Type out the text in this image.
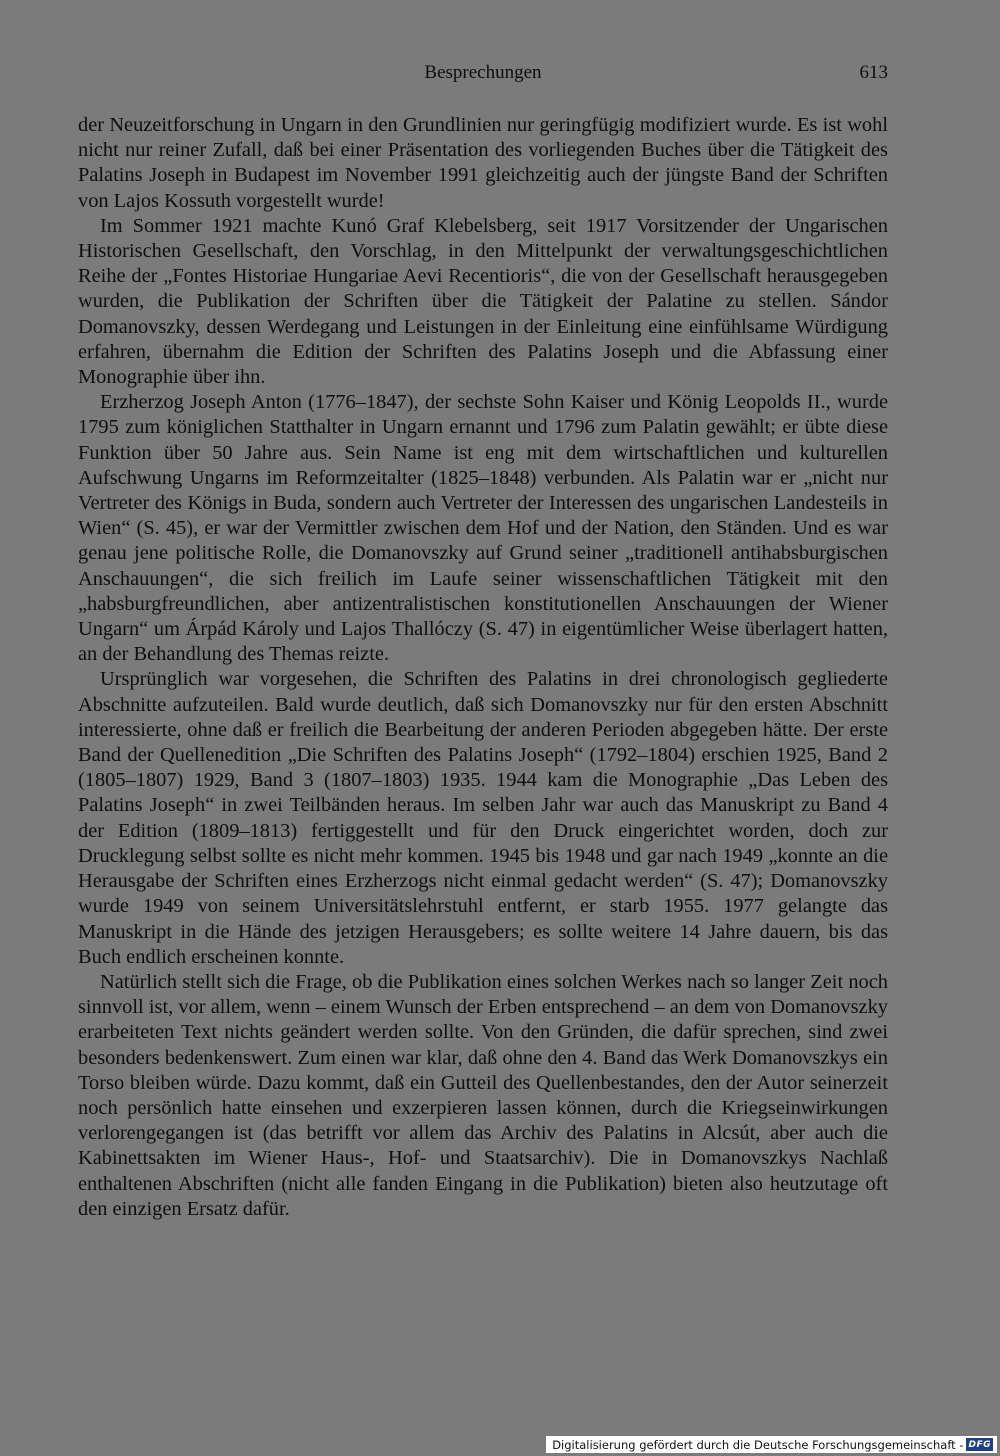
Besprechungen	613

der Neuzeitforschung in Ungarn in den Grundlinien nur geringfügig modifiziert wurde. Es ist wohl nicht nur reiner Zufall, daß bei einer Präsentation des vorliegenden Buches über die Tätigkeit des Palatins Joseph in Budapest im November 1991 gleichzeitig auch der jüngste Band der Schriften von Lajos Kossuth vorgestellt wurde!

Im Sommer 1921 machte Kunó Graf Klebelsberg, seit 1917 Vorsitzender der Ungarischen Historischen Gesellschaft, den Vorschlag, in den Mittelpunkt der verwaltungsgeschichtlichen Reihe der „Fontes Historiae Hungariae Aevi Recentioris“, die von der Gesellschaft herausgegeben wurden, die Publikation der Schriften über die Tätigkeit der Palatine zu stellen. Sándor Domanovszky, dessen Werdegang und Leistungen in der Einleitung eine einfühlsame Würdigung erfahren, übernahm die Edition der Schriften des Palatins Joseph und die Abfassung einer Monographie über ihn.

Erzherzog Joseph Anton (1776–1847), der sechste Sohn Kaiser und König Leopolds II., wurde 1795 zum königlichen Statthalter in Ungarn ernannt und 1796 zum Palatin gewählt; er übte diese Funktion über 50 Jahre aus. Sein Name ist eng mit dem wirtschaftlichen und kulturellen Aufschwung Ungarns im Reformzeitalter (1825–1848) verbunden. Als Palatin war er „nicht nur Vertreter des Königs in Buda, sondern auch Vertreter der Interessen des ungarischen Landesteils in Wien“ (S. 45), er war der Vermittler zwischen dem Hof und der Nation, den Ständen. Und es war genau jene politische Rolle, die Domanovszky auf Grund seiner „traditionell antihabsburgischen Anschauungen“, die sich freilich im Laufe seiner wissenschaftlichen Tätigkeit mit den „habsburgfreundlichen, aber antizentralistischen konstitutionellen Anschauungen der Wiener Ungarn“ um Árpád Károly und Lajos Thallóczy (S. 47) in eigentümlicher Weise überlagert hatten, an der Behandlung des Themas reizte.

Ursprünglich war vorgesehen, die Schriften des Palatins in drei chronologisch gegliederte Abschnitte aufzuteilen. Bald wurde deutlich, daß sich Domanovszky nur für den ersten Abschnitt interessierte, ohne daß er freilich die Bearbeitung der anderen Perioden abgegeben hätte. Der erste Band der Quellenedition „Die Schriften des Palatins Joseph“ (1792–1804) erschien 1925, Band 2 (1805–1807) 1929, Band 3 (1807–1803) 1935. 1944 kam die Monographie „Das Leben des Palatins Joseph“ in zwei Teilbänden heraus. Im selben Jahr war auch das Manuskript zu Band 4 der Edition (1809–1813) fertiggestellt und für den Druck eingerichtet worden, doch zur Drucklegung selbst sollte es nicht mehr kommen. 1945 bis 1948 und gar nach 1949 „konnte an die Herausgabe der Schriften eines Erzherzogs nicht einmal gedacht werden“ (S. 47); Domanovszky wurde 1949 von seinem Universitätslehrstuhl entfernt, er starb 1955. 1977 gelangte das Manuskript in die Hände des jetzigen Herausgebers; es sollte weitere 14 Jahre dauern, bis das Buch endlich erscheinen konnte.

Natürlich stellt sich die Frage, ob die Publikation eines solchen Werkes nach so langer Zeit noch sinnvoll ist, vor allem, wenn – einem Wunsch der Erben entsprechend – an dem von Domanovszky erarbeiteten Text nichts geändert werden sollte. Von den Gründen, die dafür sprechen, sind zwei besonders bedenkenswert. Zum einen war klar, daß ohne den 4. Band das Werk Domanovszkys ein Torso bleiben würde. Dazu kommt, daß ein Gutteil des Quellenbestandes, den der Autor seinerzeit noch persönlich hatte einsehen und exzerpieren lassen können, durch die Kriegseinwirkungen verlorengegangen ist (das betrifft vor allem das Archiv des Palatins in Alcsút, aber auch die Kabinettsakten im Wiener Haus-, Hof- und Staatsarchiv). Die in Domanovszkys Nachlaß enthaltenen Abschriften (nicht alle fanden Eingang in die Publikation) bieten also heutzutage oft den einzigen Ersatz dafür.

Digitalisierung gefördert durch die Deutsche Forschungsgemeinschaft - DFG
